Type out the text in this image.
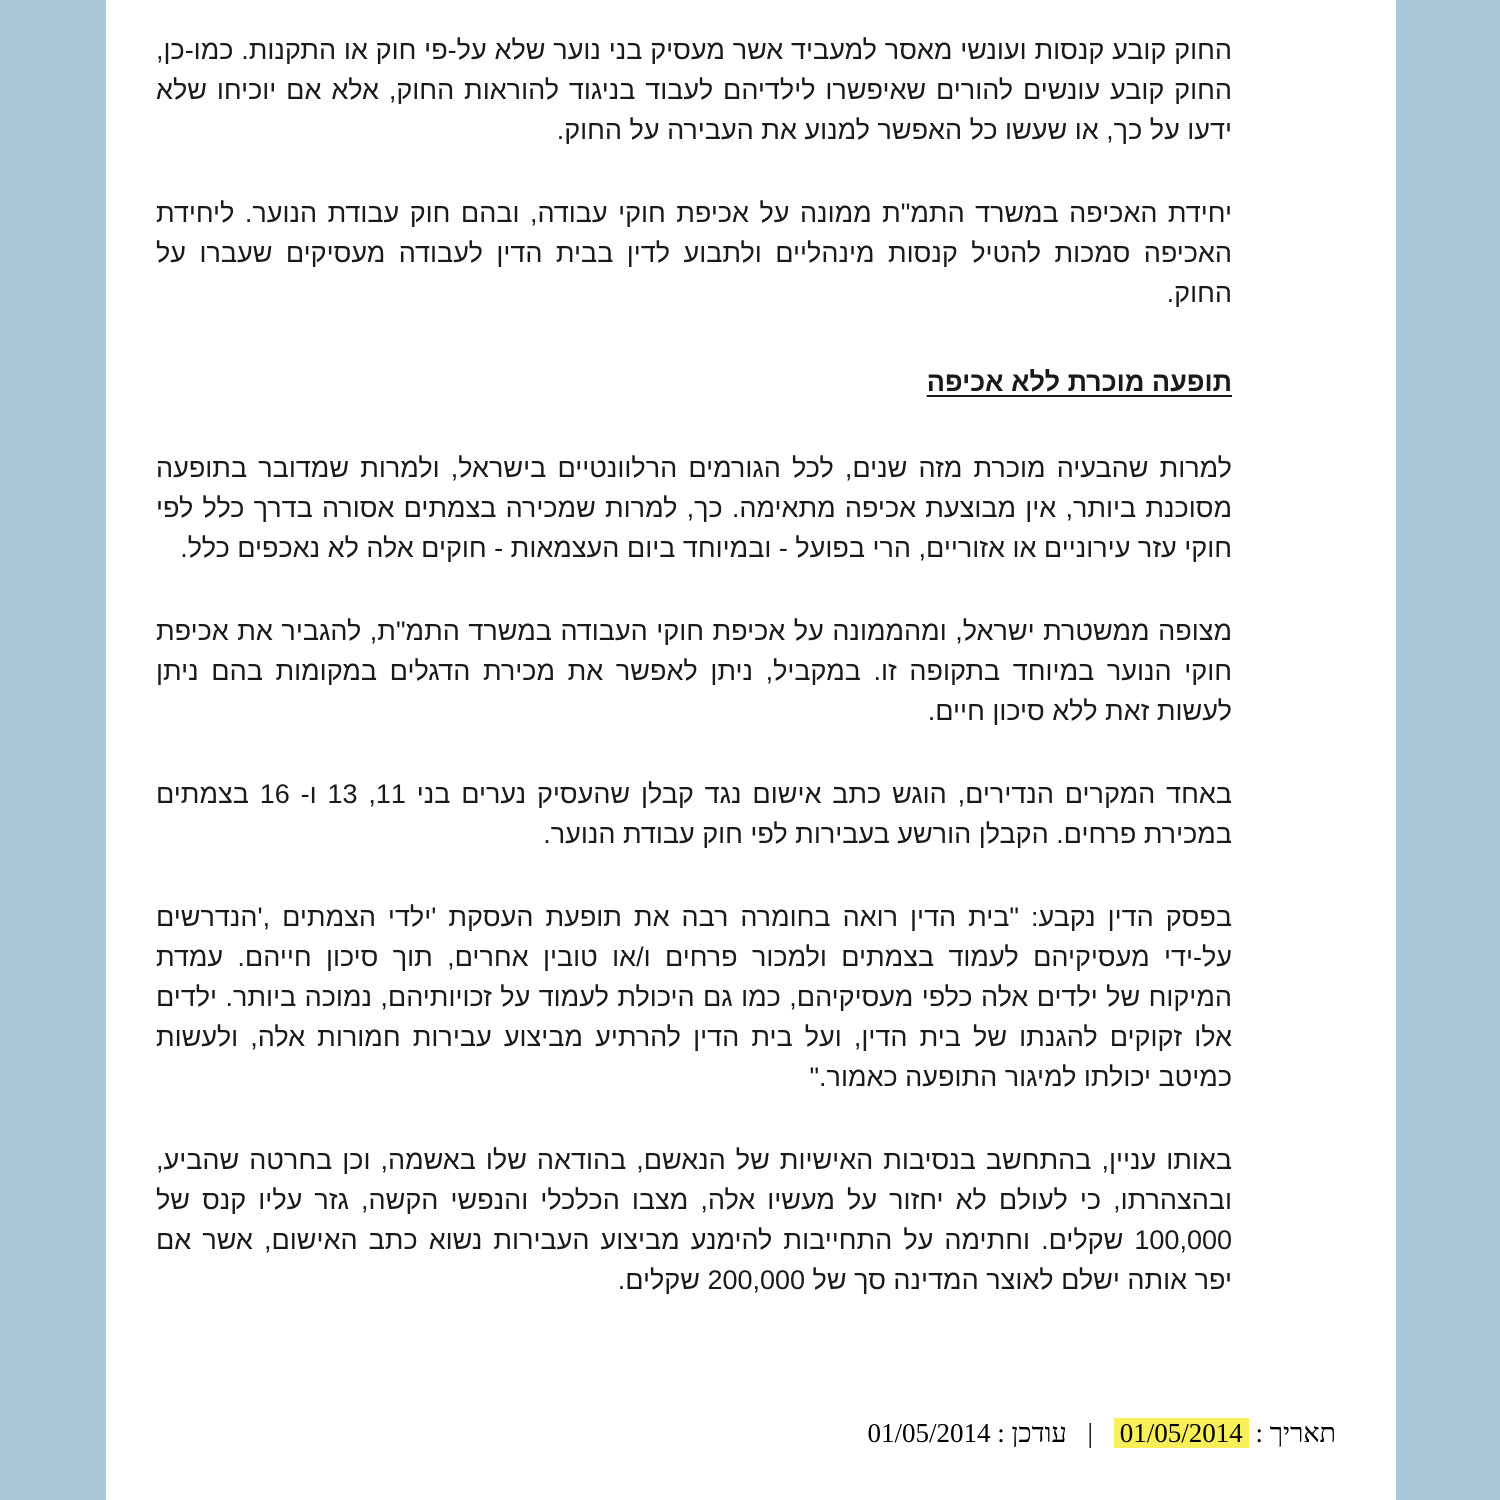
החוק קובע קנסות ועונשי מאסר למעביד אשר מעסיק בני נוער שלא על-פי חוק או התקנות. כמו-כן, החוק קובע עונשים להורים שאיפשרו לילדיהם לעבוד בניגוד להוראות החוק, אלא אם יוכיחו שלא ידעו על כך, או שעשו כל האפשר למנוע את העבירה על החוק.

יחידת האכיפה במשרד התמ"ת ממונה על אכיפת חוקי עבודה, ובהם חוק עבודת הנוער. ליחידת האכיפה סמכות להטיל קנסות מינהליים ולתבוע לדין בבית הדין לעבודה מעסיקים שעברו על החוק.

תופעה מוכרת ללא אכיפה

למרות שהבעיה מוכרת מזה שנים, לכל הגורמים הרלוונטיים בישראל, ולמרות שמדובר בתופעה מסוכנת ביותר, אין מבוצעת אכיפה מתאימה. כך, למרות שמכירה בצמתים אסורה בדרך כלל לפי חוקי עזר עירוניים או אזוריים, הרי בפועל - ובמיוחד ביום העצמאות - חוקים אלה לא נאכפים כלל.

מצופה ממשטרת ישראל, ומהממונה על אכיפת חוקי העבודה במשרד התמ"ת, להגביר את אכיפת חוקי הנוער במיוחד בתקופה זו. במקביל, ניתן לאפשר את מכירת הדגלים במקומות בהם ניתן לעשות זאת ללא סיכון חיים.

באחד המקרים הנדירים, הוגש כתב אישום נגד קבלן שהעסיק נערים בני 11, 13 ו- 16 בצמתים במכירת פרחים. הקבלן הורשע בעבירות לפי חוק עבודת הנוער.

בפסק הדין נקבע: "בית הדין רואה בחומרה רבה את תופעת העסקת 'ילדי הצמתים ,'הנדרשים על-ידי מעסיקיהם לעמוד בצמתים ולמכור פרחים ו/או טובין אחרים, תוך סיכון חייהם. עמדת המיקוח של ילדים אלה כלפי מעסיקיהם, כמו גם היכולת לעמוד על זכויותיהם, נמוכה ביותר. ילדים אלו זקוקים להגנתו של בית הדין, ועל בית הדין להרתיע מביצוע עבירות חמורות אלה, ולעשות כמיטב יכולתו למיגור התופעה כאמור."

באותו עניין, בהתחשב בנסיבות האישיות של הנאשם, בהודאה שלו באשמה, וכן בחרטה שהביע, ובהצהרתו, כי לעולם לא יחזור על מעשיו אלה, מצבו הכלכלי והנפשי הקשה, גזר עליו קנס של 100,000 שקלים. וחתימה על התחייבות להימנע מביצוע העבירות נשוא כתב האישום, אשר אם יפר אותה ישלם לאוצר המדינה סך של 200,000 שקלים.

תאריך : 01/05/2014 | עודכן : 01/05/2014
